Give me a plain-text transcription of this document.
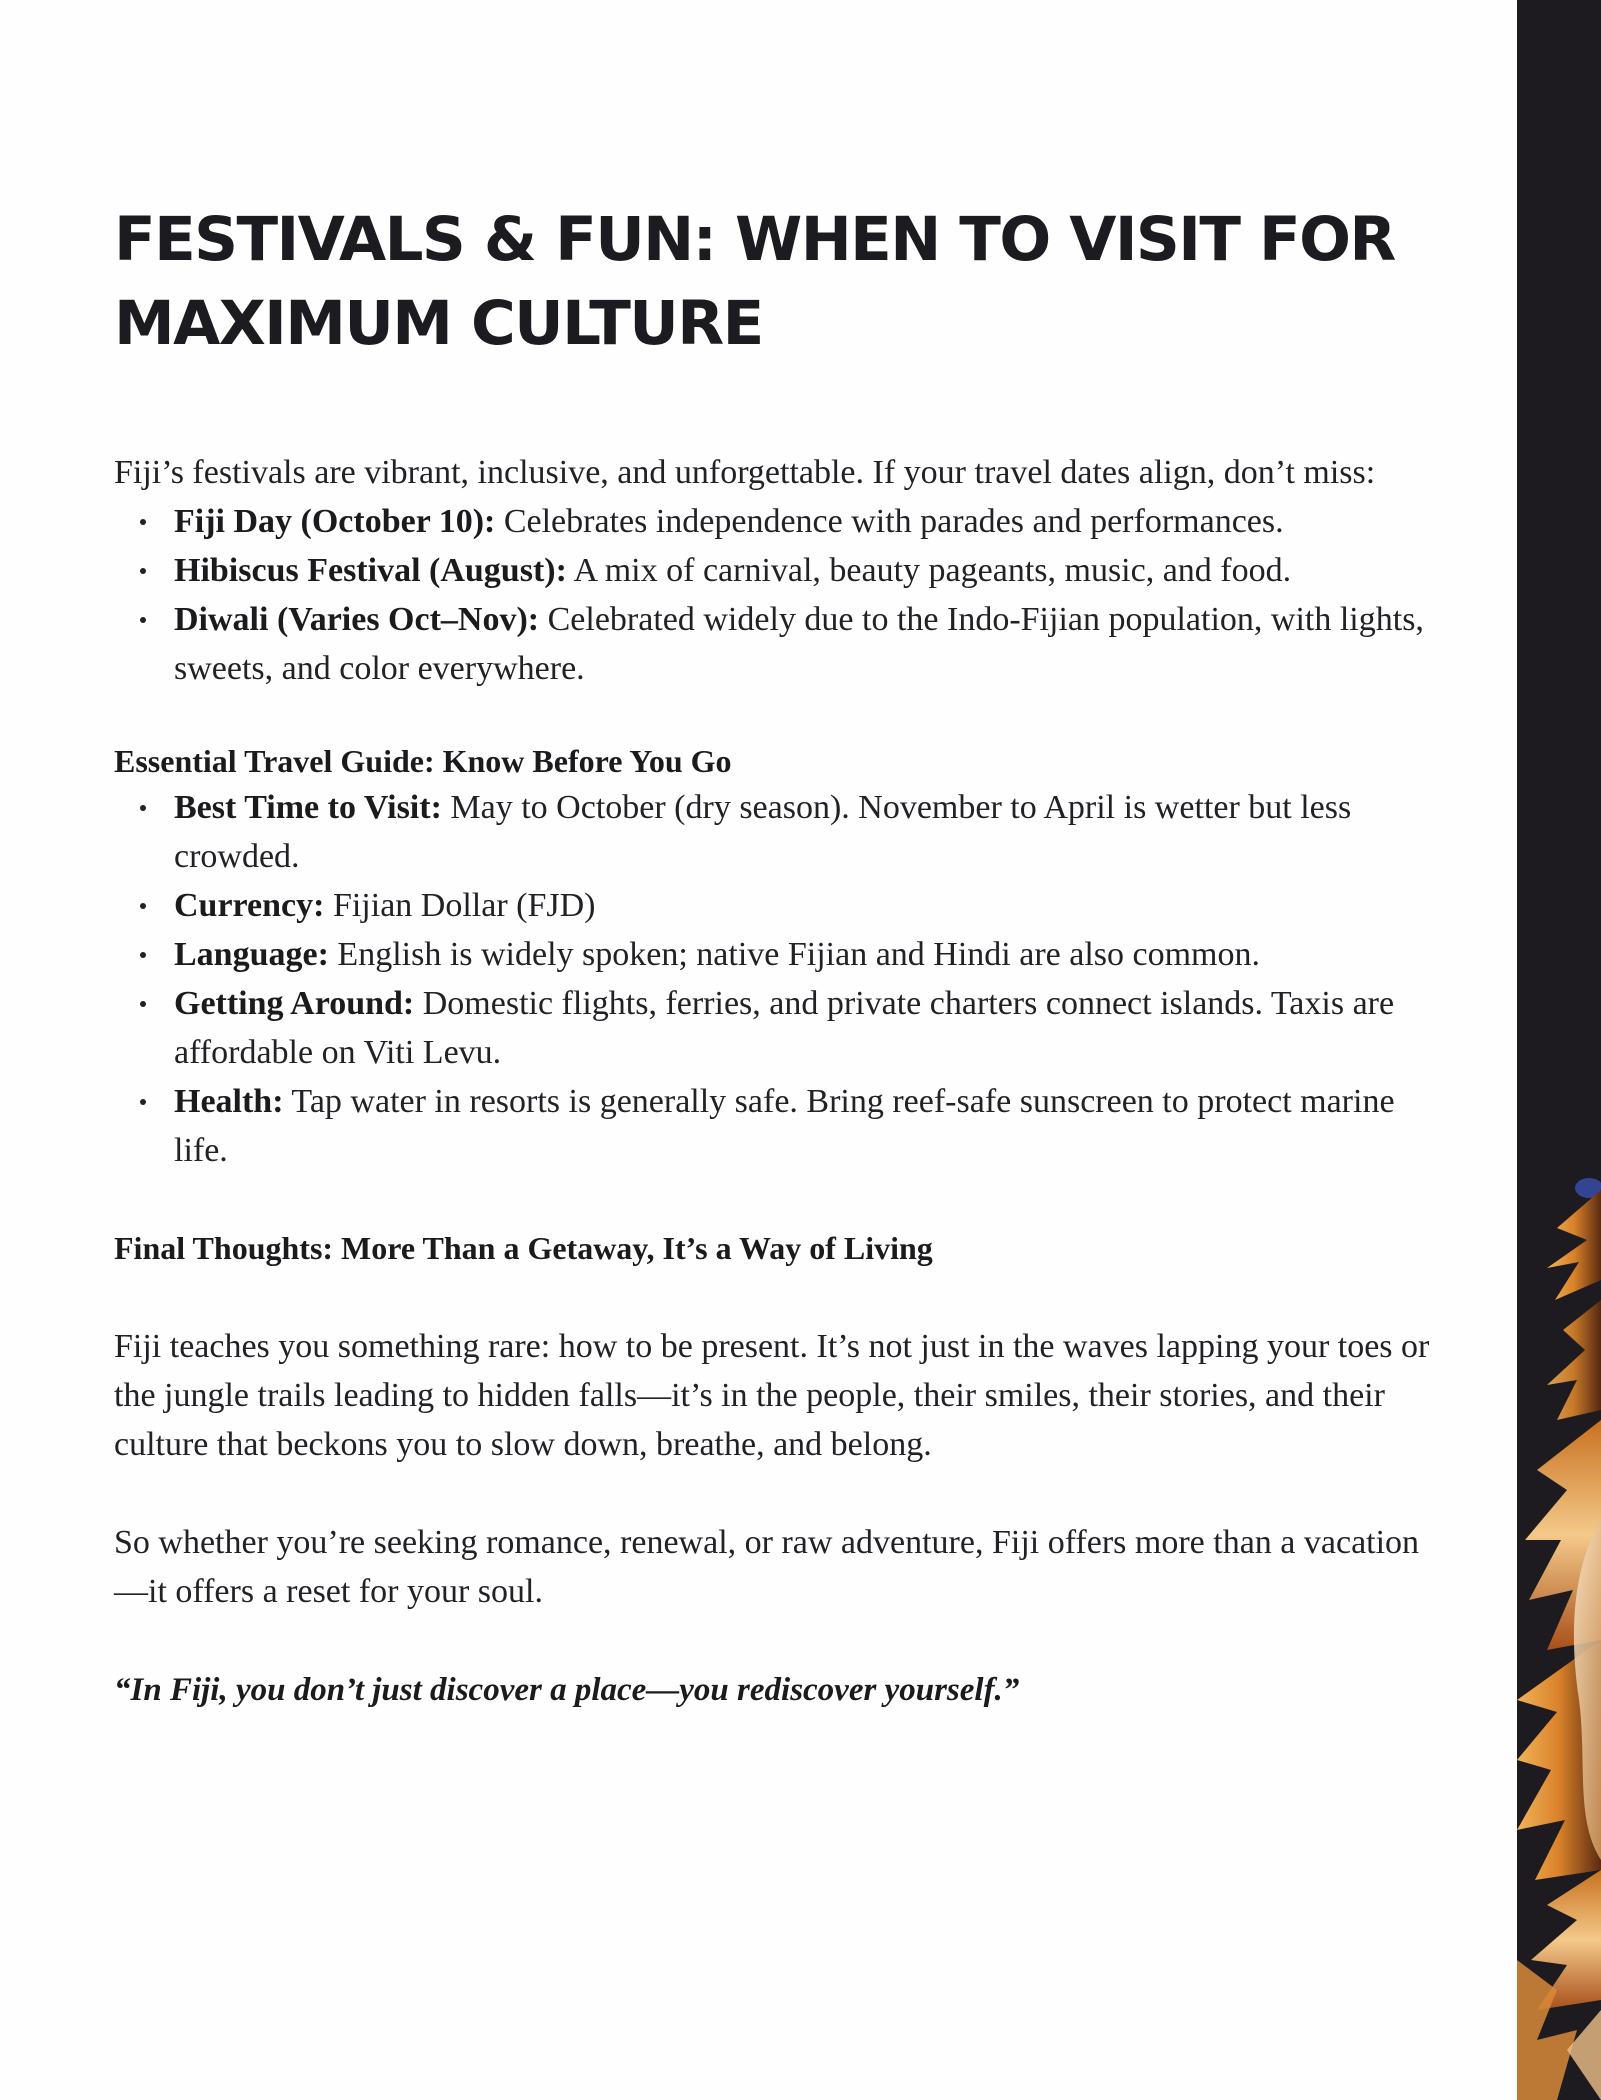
FESTIVALS & FUN: WHEN TO VISIT FOR MAXIMUM CULTURE

Fiji’s festivals are vibrant, inclusive, and unforgettable. If your travel dates align, don’t miss:

Fiji Day (October 10): Celebrates independence with parades and performances.
Hibiscus Festival (August): A mix of carnival, beauty pageants, music, and food.
Diwali (Varies Oct–Nov): Celebrated widely due to the Indo-Fijian population, with lights, sweets, and color everywhere.
Essential Travel Guide: Know Before You Go
Best Time to Visit: May to October (dry season). November to April is wetter but less crowded.
Currency: Fijian Dollar (FJD)
Language: English is widely spoken; native Fijian and Hindi are also common.
Getting Around: Domestic flights, ferries, and private charters connect islands. Taxis are affordable on Viti Levu.
Health: Tap water in resorts is generally safe. Bring reef-safe sunscreen to protect marine life.
Final Thoughts: More Than a Getaway, It’s a Way of Living

Fiji teaches you something rare: how to be present. It’s not just in the waves lapping your toes or the jungle trails leading to hidden falls—it’s in the people, their smiles, their stories, and their culture that beckons you to slow down, breathe, and belong.

So whether you’re seeking romance, renewal, or raw adventure, Fiji offers more than a vacation—it offers a reset for your soul.

“In Fiji, you don’t just discover a place—you rediscover yourself.”
